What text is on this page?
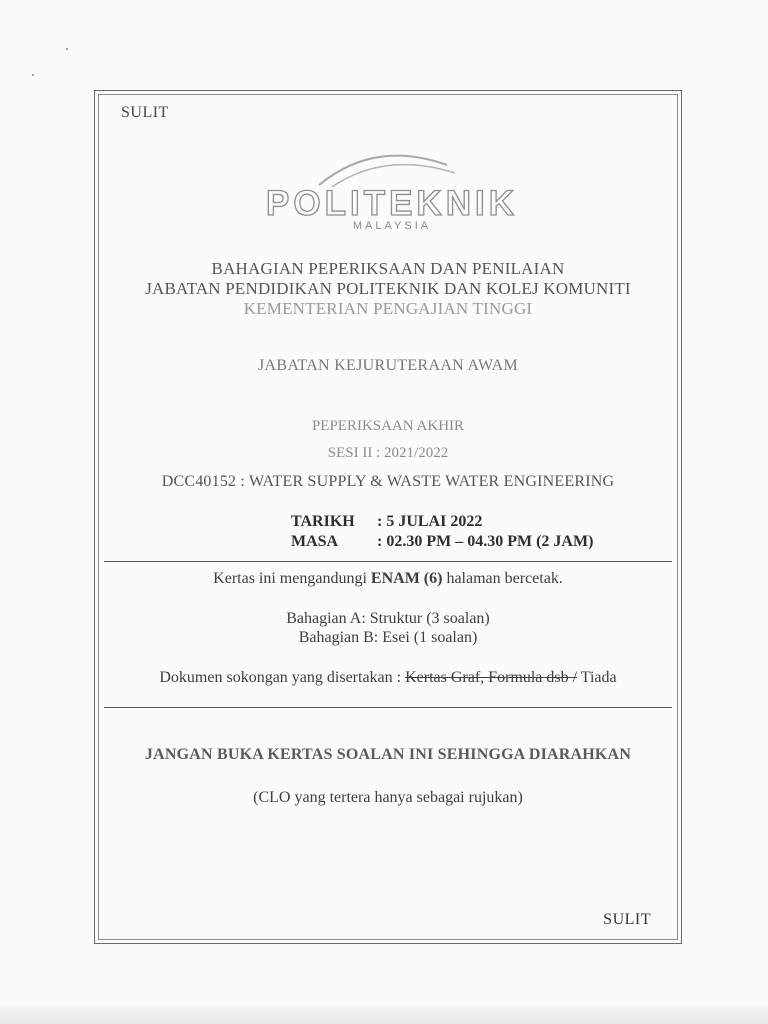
SULIT
POLITEKNIK
MALAYSIA
BAHAGIAN PEPERIKSAAN DAN PENILAIAN
JABATAN PENDIDIKAN POLITEKNIK DAN KOLEJ KOMUNITI
KEMENTERIAN PENGAJIAN TINGGI
JABATAN KEJURUTERAAN AWAM
PEPERIKSAAN AKHIR
SESI II : 2021/2022
DCC40152 : WATER SUPPLY & WASTE WATER ENGINEERING
TARIKH : 5 JULAI 2022
MASA : 02.30 PM – 04.30 PM (2 JAM)
Kertas ini mengandungi ENAM (6) halaman bercetak.
Bahagian A: Struktur (3 soalan)
Bahagian B: Esei (1 soalan)
Dokumen sokongan yang disertakan : Kertas Graf, Formula dsb / Tiada
JANGAN BUKA KERTAS SOALAN INI SEHINGGA DIARAHKAN
(CLO yang tertera hanya sebagai rujukan)
SULIT
